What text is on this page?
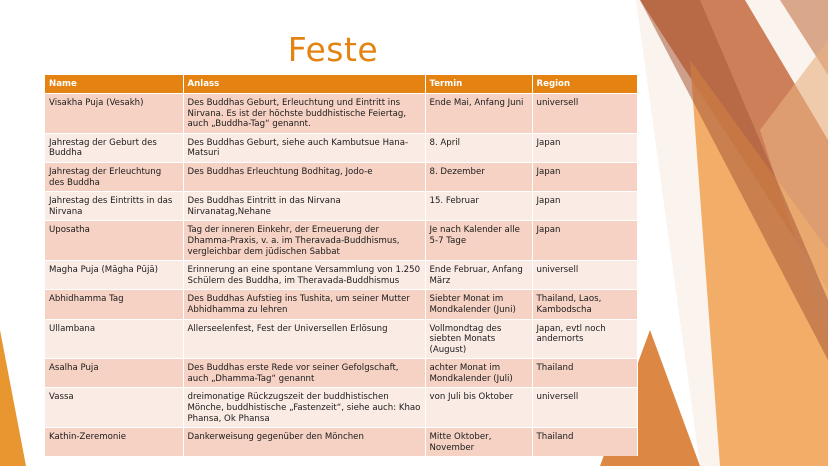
Feste
Name	Anlass	Termin	Region
Visakha Puja (Vesakh)	Des Buddhas Geburt, Erleuchtung und Eintritt ins Nirvana. Es ist der höchste buddhistische Feiertag, auch „Buddha-Tag“ genannt.	Ende Mai, Anfang Juni	universell
Jahrestag der Geburt des Buddha	Des Buddhas Geburt, siehe auch Kambutsue Hana-Matsuri	8. April	Japan
Jahrestag der Erleuchtung des Buddha	Des Buddhas Erleuchtung Bodhitag, Jodo-e	8. Dezember	Japan
Jahrestag des Eintritts in das Nirvana	Des Buddhas Eintritt in das Nirvana Nirvanatag,Nehane	15. Februar	Japan
Uposatha	Tag der inneren Einkehr, der Erneuerung der Dhamma-Praxis, v. a. im Theravada-Buddhismus, vergleichbar dem jüdischen Sabbat	Je nach Kalender alle 5-7 Tage	Japan
Magha Puja (Māgha Pūjā)	Erinnerung an eine spontane Versammlung von 1.250 Schülern des Buddha, im Theravada-Buddhismus	Ende Februar, Anfang März	universell
Abhidhamma Tag	Des Buddhas Aufstieg ins Tushita, um seiner Mutter Abhidhamma zu lehren	Siebter Monat im Mondkalender (Juni)	Thailand, Laos, Kambodscha
Ullambana	Allerseelenfest, Fest der Universellen Erlösung	Vollmondtag des siebten Monats (August)	Japan, evtl noch andernorts
Asalha Puja	Des Buddhas erste Rede vor seiner Gefolgschaft, auch „Dhamma-Tag“ genannt	achter Monat im Mondkalender (Juli)	Thailand
Vassa	dreimonatige Rückzugszeit der buddhistischen Mönche, buddhistische „Fastenzeit“, siehe auch: Khao Phansa, Ok Phansa	von Juli bis Oktober	universell
Kathin-Zeremonie	Dankerweisung gegenüber den Mönchen	Mitte Oktober, November	Thailand
